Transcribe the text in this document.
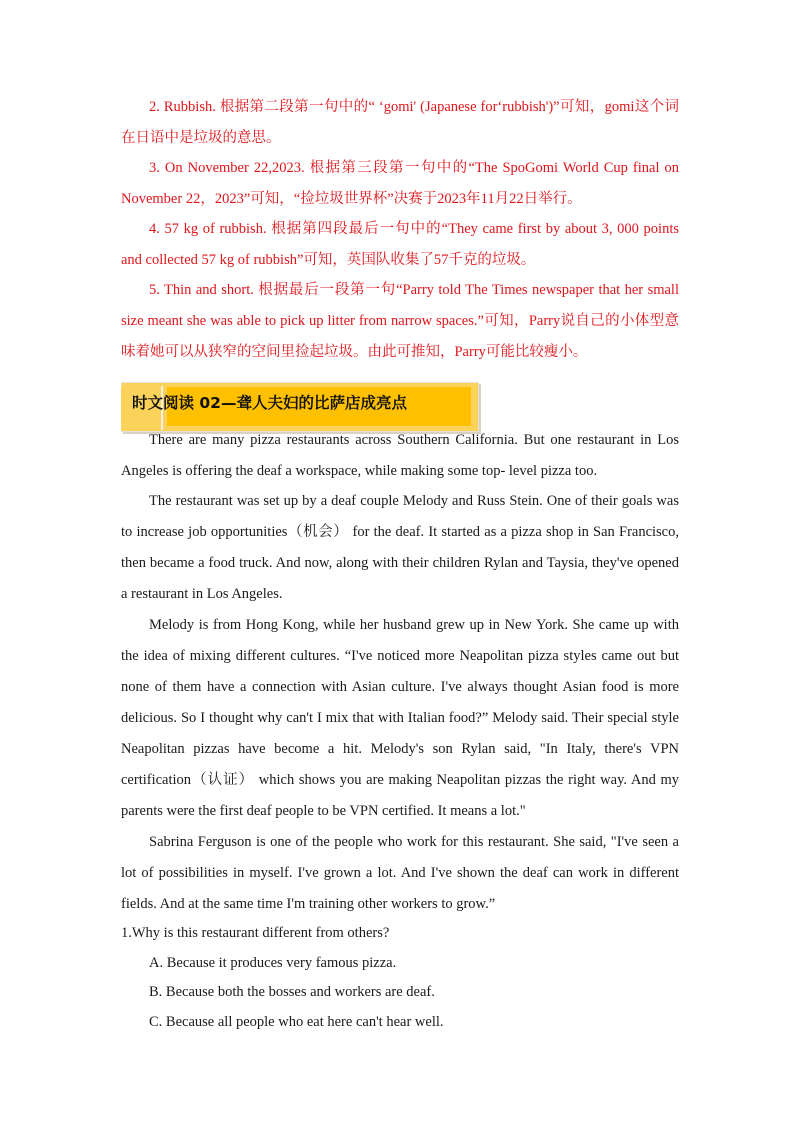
2. Rubbish. 根据第二段第一句中的“ ‘gomi' (Japanese for‘rubbish')”可知，gomi这个词在日语中是垃圾的意思。
3. On November 22,2023. 根据第三段第一句中的“The SpoGomi World Cup final on November 22，2023”可知，“捡垃圾世界杯”决赛于2023年11月22日举行。
4. 57 kg of rubbish. 根据第四段最后一句中的“They came first by about 3, 000 points and collected 57 kg of rubbish”可知，英国队收集了57千克的垃圾。
5. Thin and short. 根据最后一段第一句“Parry told The Times newspaper that her small size meant she was able to pick up litter from narrow spaces.”可知，Parry说自己的小体型意味着她可以从狭窄的空间里捡起垃圾。由此可推知，Parry可能比较瘦小。
时文阅读 02—聋人夫妇的比萨店成亮点
There are many pizza restaurants across Southern California. But one restaurant in Los Angeles is offering the deaf a workspace, while making some top- level pizza too.
The restaurant was set up by a deaf couple Melody and Russ Stein. One of their goals was to increase job opportunities（机会） for the deaf. It started as a pizza shop in San Francisco, then became a food truck. And now, along with their children Rylan and Taysia, they've opened a restaurant in Los Angeles.
Melody is from Hong Kong, while her husband grew up in New York. She came up with the idea of mixing different cultures. “I've noticed more Neapolitan pizza styles came out but none of them have a connection with Asian culture. I've always thought Asian food is more delicious. So I thought why can't I mix that with Italian food?” Melody said. Their special style Neapolitan pizzas have become a hit. Melody's son Rylan said, "In Italy, there's VPN certification（认证） which shows you are making Neapolitan pizzas the right way. And my parents were the first deaf people to be VPN certified. It means a lot."
Sabrina Ferguson is one of the people who work for this restaurant. She said, "I've seen a lot of possibilities in myself. I've grown a lot. And I've shown the deaf can work in different fields. And at the same time I'm training other workers to grow.”
1.Why is this restaurant different from others?
A. Because it produces very famous pizza.
B. Because both the bosses and workers are deaf.
C. Because all people who eat here can't hear well.
